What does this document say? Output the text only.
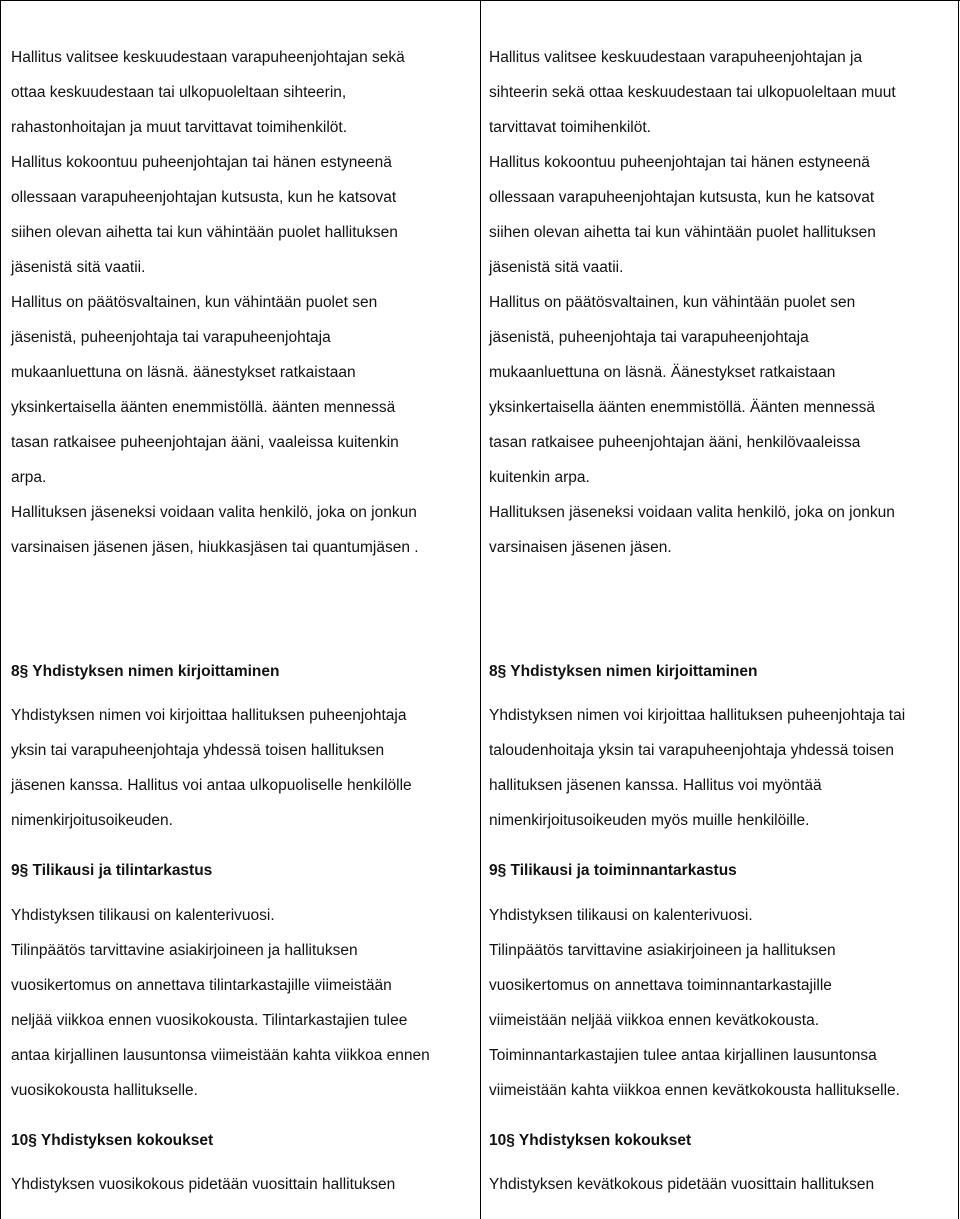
Hallitus valitsee keskuudestaan varapuheenjohtajan sekä
ottaa keskuudestaan tai ulkopuoleltaan sihteerin,
rahastonhoitajan ja muut tarvittavat toimihenkilöt.
Hallitus kokoontuu puheenjohtajan tai hänen estyneenä
ollessaan varapuheenjohtajan kutsusta, kun he katsovat
siihen olevan aihetta tai kun vähintään puolet hallituksen
jäsenistä sitä vaatii.
Hallitus on päätösvaltainen, kun vähintään puolet sen
jäsenistä, puheenjohtaja tai varapuheenjohtaja
mukaanluettuna on läsnä. äänestykset ratkaistaan
yksinkertaisella äänten enemmistöllä. äänten mennessä
tasan ratkaisee puheenjohtajan ääni, vaaleissa kuitenkin
arpa.
Hallituksen jäseneksi voidaan valita henkilö, joka on jonkun
varsinaisen jäsenen jäsen, hiukkasjäsen tai quantumjäsen .
8§ Yhdistyksen nimen kirjoittaminen
Yhdistyksen nimen voi kirjoittaa hallituksen puheenjohtaja
yksin tai varapuheenjohtaja yhdessä toisen hallituksen
jäsenen kanssa. Hallitus voi antaa ulkopuoliselle henkilölle
nimenkirjoitusoikeuden.
9§ Tilikausi ja tilintarkastus
Yhdistyksen tilikausi on kalenterivuosi.
Tilinpäätös tarvittavine asiakirjoineen ja hallituksen
vuosikertomus on annettava tilintarkastajille viimeistään
neljää viikkoa ennen vuosikokousta. Tilintarkastajien tulee
antaa kirjallinen lausuntonsa viimeistään kahta viikkoa ennen
vuosikokousta hallitukselle.
10§ Yhdistyksen kokoukset
Yhdistyksen vuosikokous pidetään vuosittain hallituksen
Hallitus valitsee keskuudestaan varapuheenjohtajan ja
sihteerin sekä ottaa keskuudestaan tai ulkopuoleltaan muut
tarvittavat toimihenkilöt.
Hallitus kokoontuu puheenjohtajan tai hänen estyneenä
ollessaan varapuheenjohtajan kutsusta, kun he katsovat
siihen olevan aihetta tai kun vähintään puolet hallituksen
jäsenistä sitä vaatii.
Hallitus on päätösvaltainen, kun vähintään puolet sen
jäsenistä, puheenjohtaja tai varapuheenjohtaja
mukaanluettuna on läsnä. Äänestykset ratkaistaan
yksinkertaisella äänten enemmistöllä. Äänten mennessä
tasan ratkaisee puheenjohtajan ääni, henkilövaaleissa
kuitenkin arpa.
Hallituksen jäseneksi voidaan valita henkilö, joka on jonkun
varsinaisen jäsenen jäsen.
8§ Yhdistyksen nimen kirjoittaminen
Yhdistyksen nimen voi kirjoittaa hallituksen puheenjohtaja tai
taloudenhoitaja yksin tai varapuheenjohtaja yhdessä toisen
hallituksen jäsenen kanssa. Hallitus voi myöntää
nimenkirjoitusoikeuden myös muille henkilöille.
9§ Tilikausi ja toiminnantarkastus
Yhdistyksen tilikausi on kalenterivuosi.
Tilinpäätös tarvittavine asiakirjoineen ja hallituksen
vuosikertomus on annettava toiminnantarkastajille
viimeistään neljää viikkoa ennen kevätkokousta.
Toiminnantarkastajien tulee antaa kirjallinen lausuntonsa
viimeistään kahta viikkoa ennen kevätkokousta hallitukselle.
10§ Yhdistyksen kokoukset
Yhdistyksen kevätkokous pidetään vuosittain hallituksen
